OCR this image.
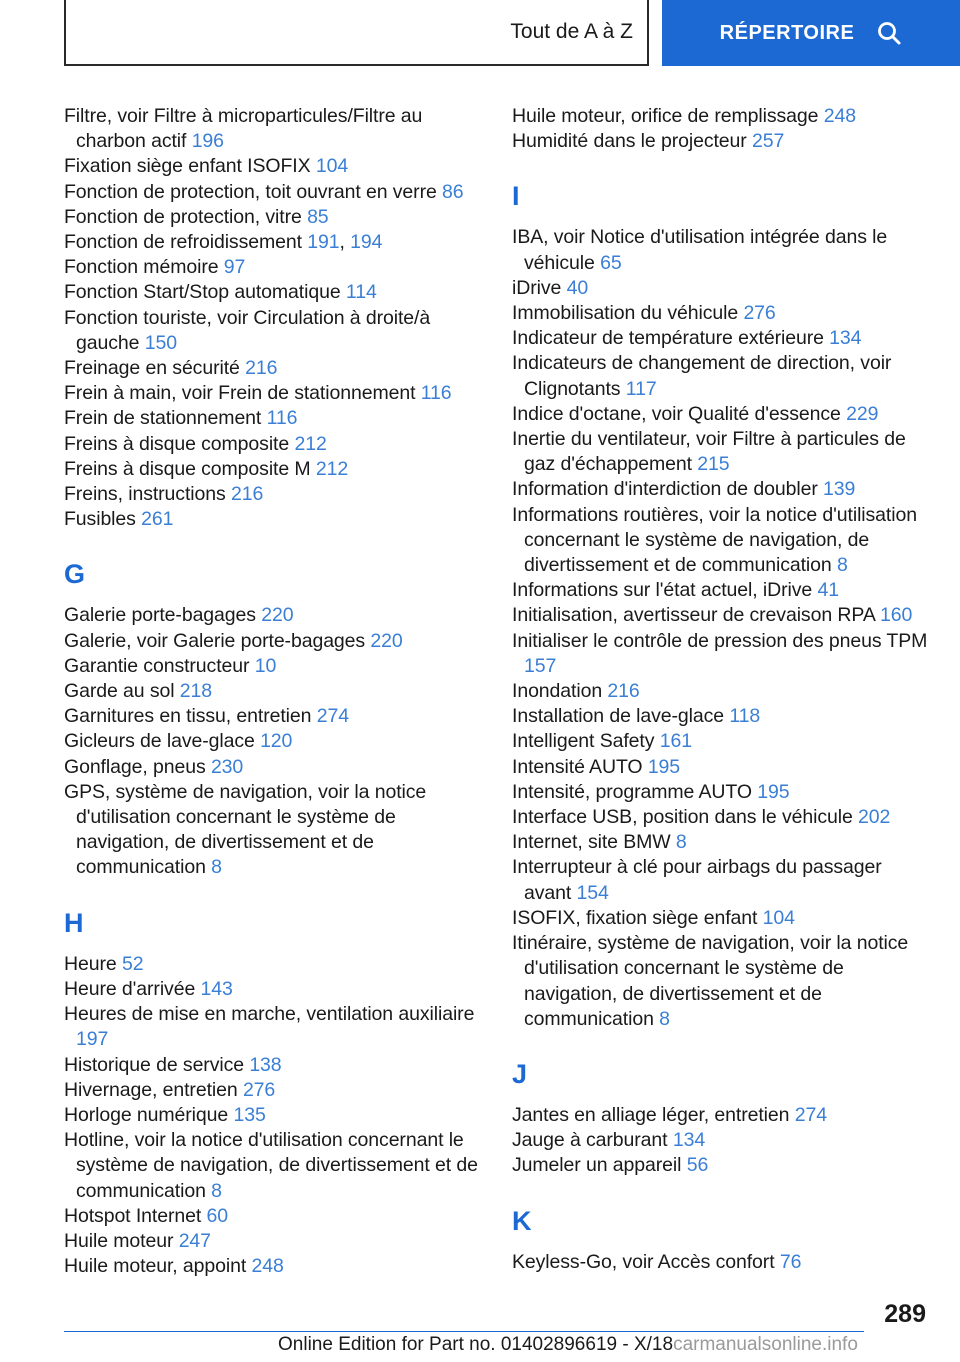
Tout de A à Z	RÉPERTOIRE
Filtre, voir Filtre à microparticules/Filtre au charbon actif 196
Fixation siège enfant ISOFIX 104
Fonction de protection, toit ouvrant en verre 86
Fonction de protection, vitre 85
Fonction de refroidissement 191, 194
Fonction mémoire 97
Fonction Start/Stop automatique 114
Fonction touriste, voir Circulation à droite/à gauche 150
Freinage en sécurité 216
Frein à main, voir Frein de stationnement 116
Frein de stationnement 116
Freins à disque composite 212
Freins à disque composite M 212
Freins, instructions 216
Fusibles 261
G
Galerie porte-bagages 220
Galerie, voir Galerie porte-bagages 220
Garantie constructeur 10
Garde au sol 218
Garnitures en tissu, entretien 274
Gicleurs de lave-glace 120
Gonflage, pneus 230
GPS, système de navigation, voir la notice d'utilisation concernant le système de navigation, de divertissement et de communication 8
H
Heure 52
Heure d'arrivée 143
Heures de mise en marche, ventilation auxiliaire 197
Historique de service 138
Hivernage, entretien 276
Horloge numérique 135
Hotline, voir la notice d'utilisation concernant le système de navigation, de divertissement et de communication 8
Hotspot Internet 60
Huile moteur 247
Huile moteur, appoint 248
Huile moteur, orifice de remplissage 248
Humidité dans le projecteur 257
I
IBA, voir Notice d'utilisation intégrée dans le véhicule 65
iDrive 40
Immobilisation du véhicule 276
Indicateur de température extérieure 134
Indicateurs de changement de direction, voir Clignotants 117
Indice d'octane, voir Qualité d'essence 229
Inertie du ventilateur, voir Filtre à particules de gaz d'échappement 215
Information d'interdiction de doubler 139
Informations routières, voir la notice d'utilisation concernant le système de navigation, de divertissement et de communication 8
Informations sur l'état actuel, iDrive 41
Initialisation, avertisseur de crevaison RPA 160
Initialiser le contrôle de pression des pneus TPM 157
Inondation 216
Installation de lave-glace 118
Intelligent Safety 161
Intensité AUTO 195
Intensité, programme AUTO 195
Interface USB, position dans le véhicule 202
Internet, site BMW 8
Interrupteur à clé pour airbags du passager avant 154
ISOFIX, fixation siège enfant 104
Itinéraire, système de navigation, voir la notice d'utilisation concernant le système de navigation, de divertissement et de communication 8
J
Jantes en alliage léger, entretien 274
Jauge à carburant 134
Jumeler un appareil 56
K
Keyless-Go, voir Accès confort 76
289
Online Edition for Part no. 01402896619 - X/18carmanualsonline.info
